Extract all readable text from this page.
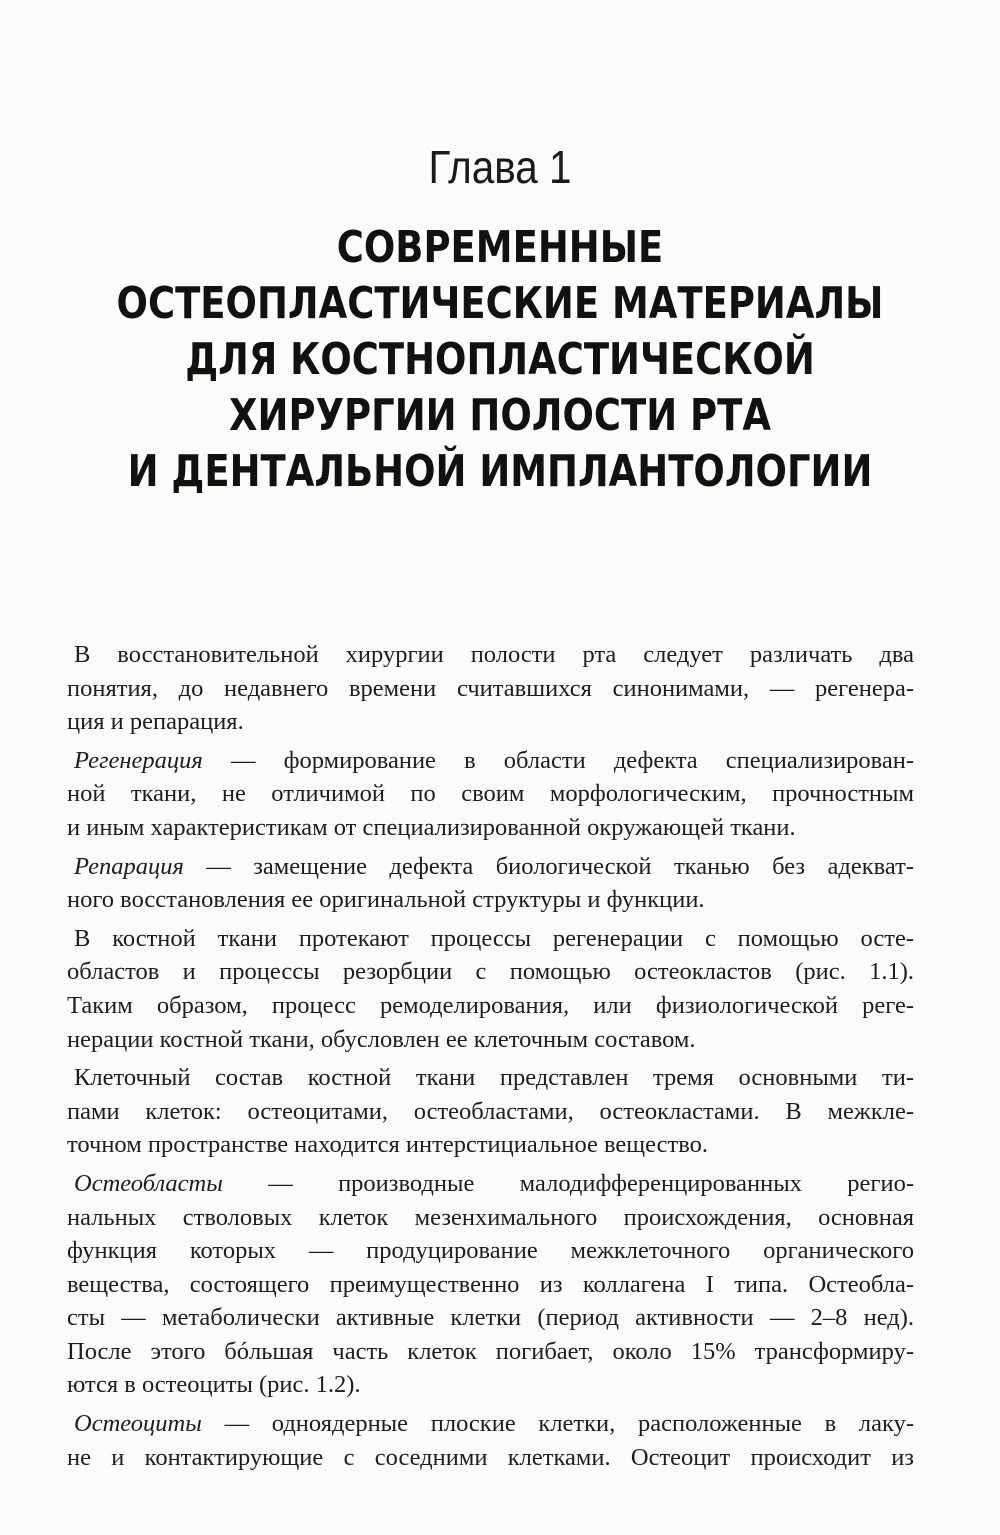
Глава 1
СОВРЕМЕННЫЕ
ОСТЕОПЛАСТИЧЕСКИЕ МАТЕРИАЛЫ
ДЛЯ КОСТНОПЛАСТИЧЕСКОЙ
ХИРУРГИИ ПОЛОСТИ РТА
И ДЕНТАЛЬНОЙ ИМПЛАНТОЛОГИИ

В восстановительной хирургии полости рта следует различать два
понятия, до недавнего времени считавшихся синонимами, — регенера-
ция и репарация.

Регенерация — формирование в области дефекта специализирован-
ной ткани, не отличимой по своим морфологическим, прочностным
и иным характеристикам от специализированной окружающей ткани.

Репарация — замещение дефекта биологической тканью без адекват-
ного восстановления ее оригинальной структуры и функции.

В костной ткани протекают процессы регенерации с помощью осте-
областов и процессы резорбции с помощью остеокластов (рис. 1.1).
Таким образом, процесс ремоделирования, или физиологической реге-
нерации костной ткани, обусловлен ее клеточным составом.

Клеточный состав костной ткани представлен тремя основными ти-
пами клеток: остеоцитами, остеобластами, остеокластами. В межкле-
точном пространстве находится интерстициальное вещество.

Остеобласты — производные малодифференцированных регио-
нальных стволовых клеток мезенхимального происхождения, основная
функция которых — продуцирование межклеточного органического
вещества, состоящего преимущественно из коллагена I типа. Остеобла-
сты — метаболически активные клетки (период активности — 2–8 нед).
После этого бóльшая часть клеток погибает, около 15% трансформиру-
ются в остеоциты (рис. 1.2).

Остеоциты — одноядерные плоские клетки, расположенные в лаку-
не и контактирующие с соседними клетками. Остеоцит происходит из
